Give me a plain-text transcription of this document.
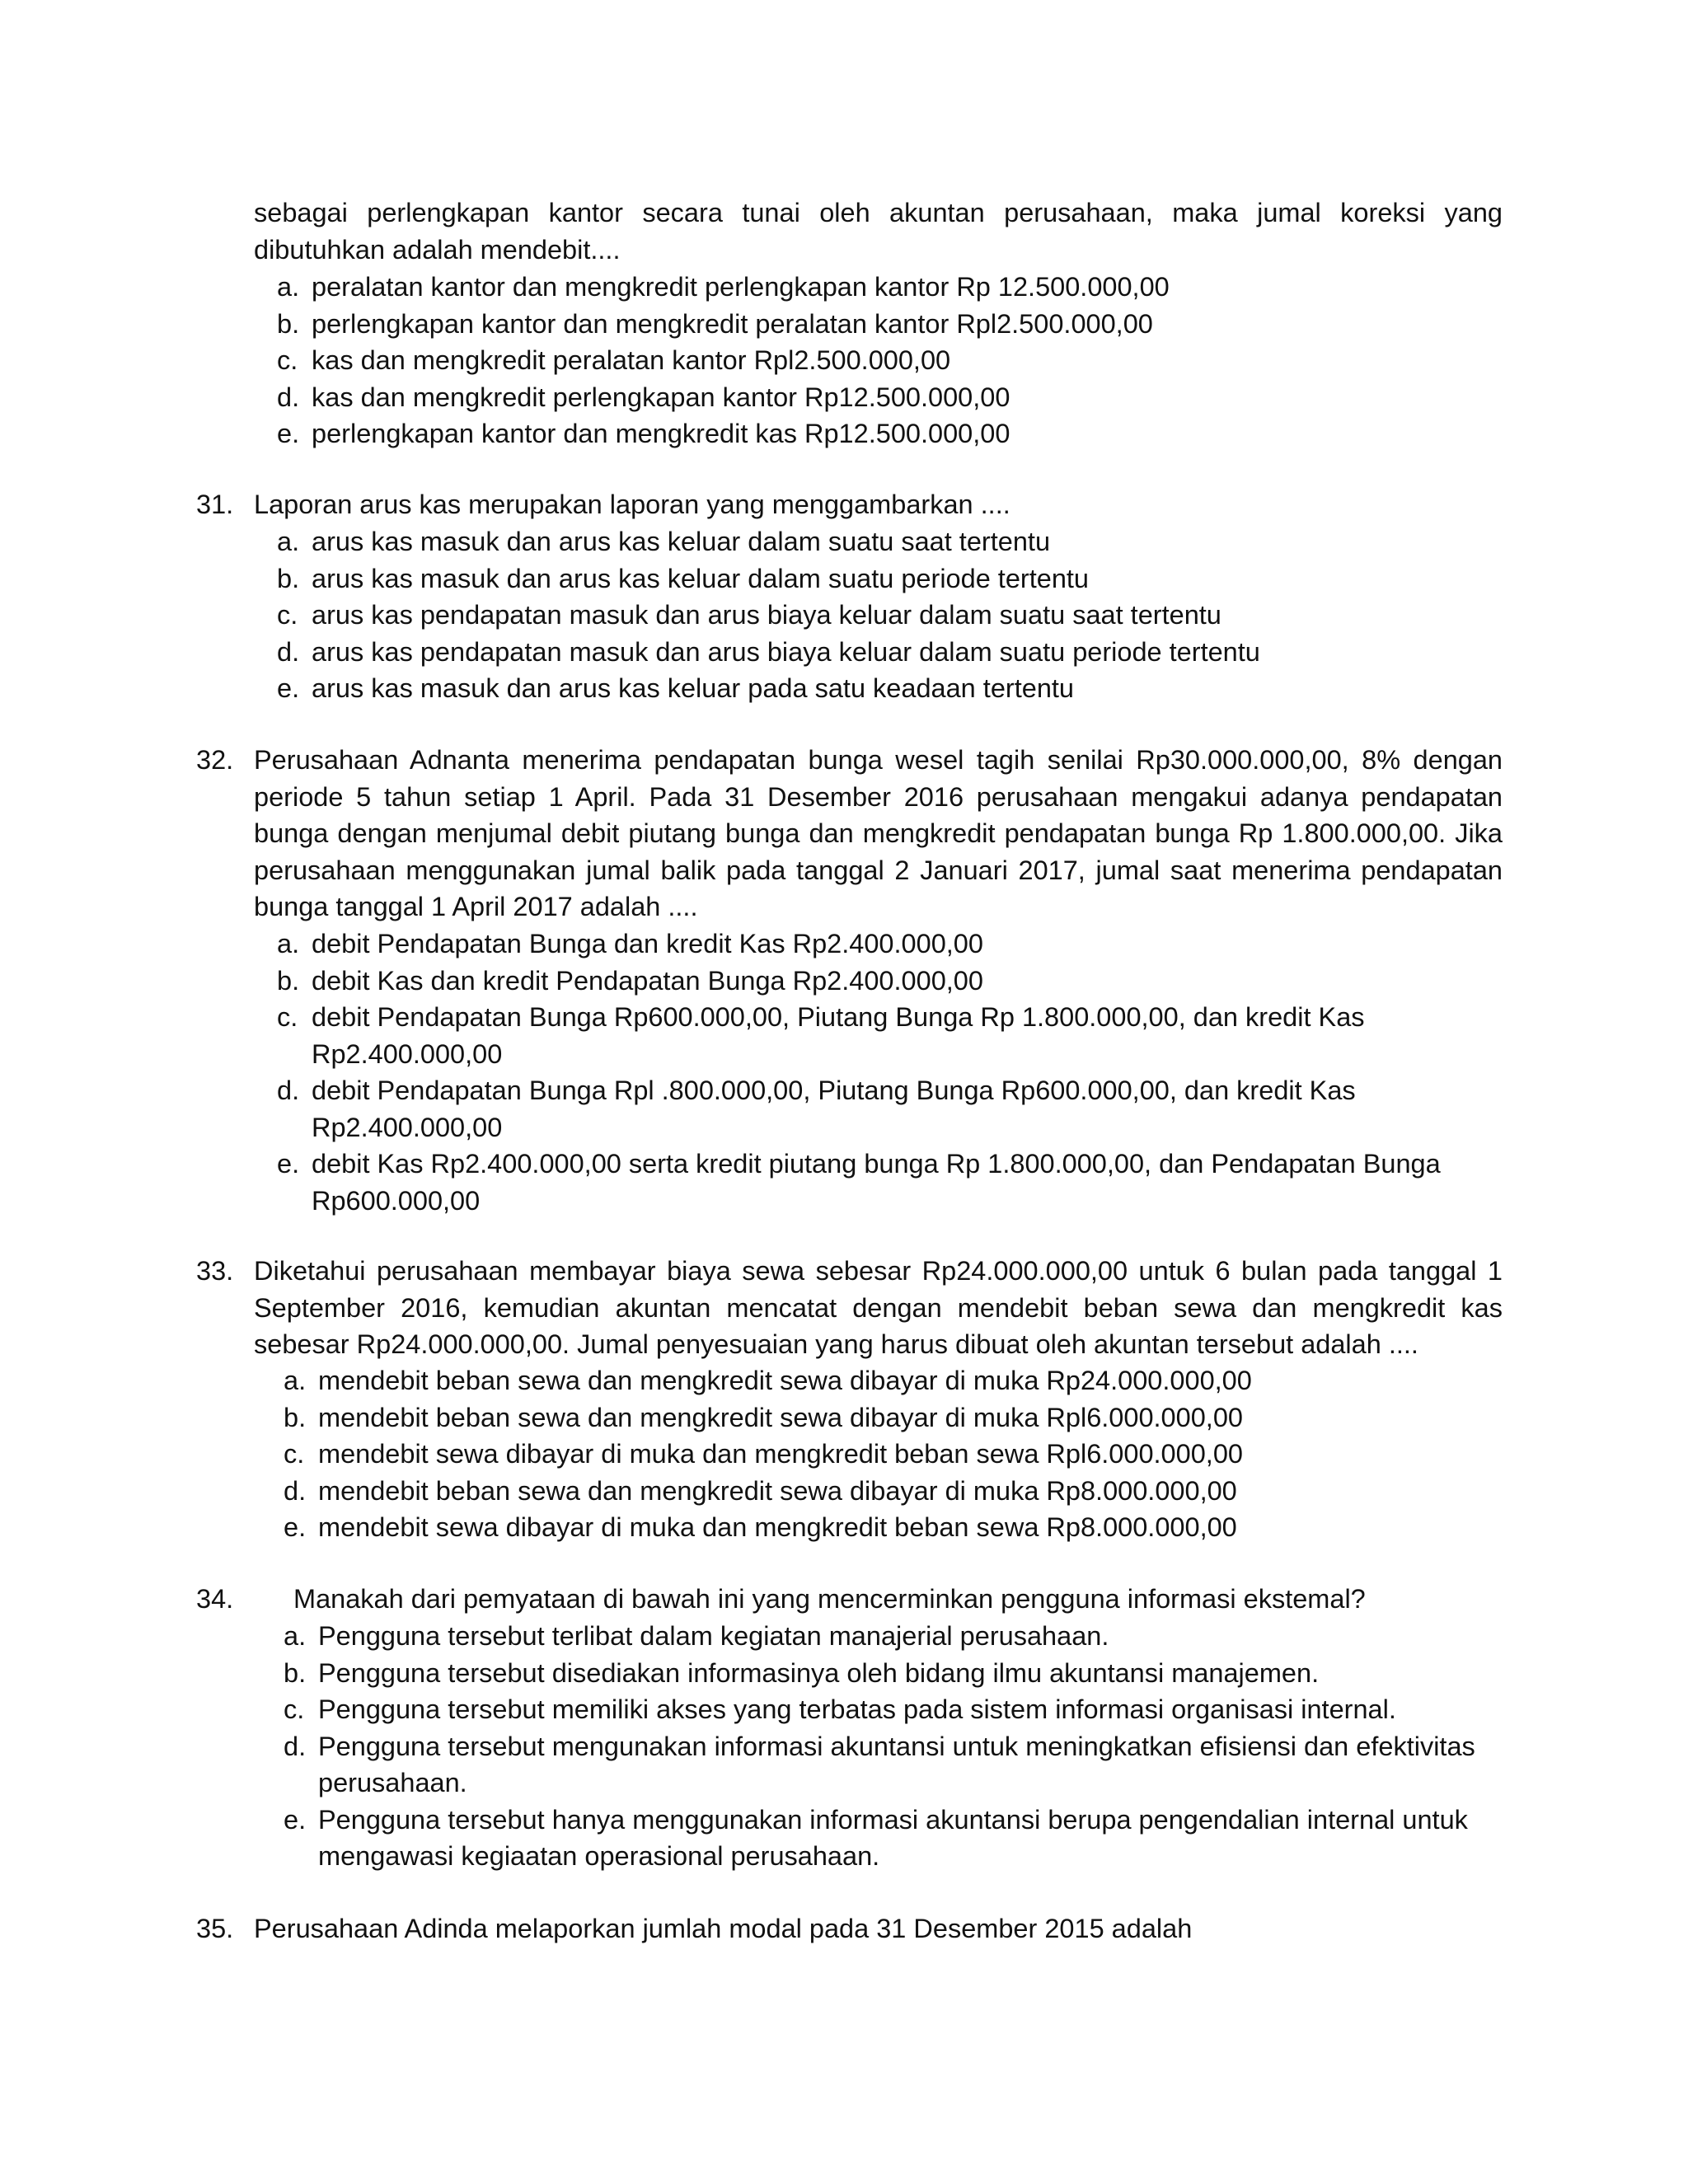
sebagai perlengkapan kantor secara tunai oleh akuntan perusahaan, maka jumal koreksi yang dibutuhkan adalah mendebit....

a. peralatan kantor dan mengkredit perlengkapan kantor Rp 12.500.000,00
b. perlengkapan kantor dan mengkredit peralatan kantor Rpl2.500.000,00
c. kas dan mengkredit peralatan kantor Rpl2.500.000,00
d. kas dan mengkredit perlengkapan kantor Rp12.500.000,00
e. perlengkapan kantor dan mengkredit kas Rp12.500.000,00
31. Laporan arus kas merupakan laporan yang menggambarkan ....

a. arus kas masuk dan arus kas keluar dalam suatu saat tertentu
b. arus kas masuk dan arus kas keluar dalam suatu periode tertentu
c. arus kas pendapatan masuk dan arus biaya keluar dalam suatu saat tertentu
d. arus kas pendapatan masuk dan arus biaya keluar dalam suatu periode tertentu
e. arus kas masuk dan arus kas keluar pada satu keadaan tertentu
32. Perusahaan Adnanta menerima pendapatan bunga wesel tagih senilai Rp30.000.000,00, 8% dengan periode 5 tahun setiap 1 April. Pada 31 Desember 2016 perusahaan mengakui adanya pendapatan bunga dengan menjumal debit piutang bunga dan mengkredit pendapatan bunga Rp 1.800.000,00. Jika perusahaan menggunakan jumal balik pada tanggal 2 Januari 2017, jumal saat menerima pendapatan bunga tanggal 1 April 2017 adalah ....

a. debit Pendapatan Bunga dan kredit Kas Rp2.400.000,00
b. debit Kas dan kredit Pendapatan Bunga Rp2.400.000,00
c. debit Pendapatan Bunga Rp600.000,00, Piutang Bunga Rp 1.800.000,00, dan kredit Kas Rp2.400.000,00
d. debit Pendapatan Bunga Rpl .800.000,00, Piutang Bunga Rp600.000,00, dan kredit Kas Rp2.400.000,00
e. debit Kas Rp2.400.000,00 serta kredit piutang bunga Rp 1.800.000,00, dan Pendapatan Bunga Rp600.000,00
33. Diketahui perusahaan membayar biaya sewa sebesar Rp24.000.000,00 untuk 6 bulan pada tanggal 1 September 2016, kemudian akuntan mencatat dengan mendebit beban sewa dan mengkredit kas sebesar Rp24.000.000,00. Jumal penyesuaian yang harus dibuat oleh akuntan tersebut adalah ....

a. mendebit beban sewa dan mengkredit sewa dibayar di muka Rp24.000.000,00
b. mendebit beban sewa dan mengkredit sewa dibayar di muka Rpl6.000.000,00
c. mendebit sewa dibayar di muka dan mengkredit beban sewa Rpl6.000.000,00
d. mendebit beban sewa dan mengkredit sewa dibayar di muka Rp8.000.000,00
e. mendebit sewa dibayar di muka dan mengkredit beban sewa Rp8.000.000,00
34. Manakah dari pemyataan di bawah ini yang mencerminkan pengguna informasi ekstemal?

a. Pengguna tersebut terlibat dalam kegiatan manajerial perusahaan.
b. Pengguna tersebut disediakan informasinya oleh bidang ilmu akuntansi manajemen.
c. Pengguna tersebut memiliki akses yang terbatas pada sistem informasi organisasi internal.
d. Pengguna tersebut mengunakan informasi akuntansi untuk meningkatkan efisiensi dan efektivitas perusahaan.
e. Pengguna tersebut hanya menggunakan informasi akuntansi berupa pengendalian internal untuk mengawasi kegiaatan operasional perusahaan.
35. Perusahaan Adinda melaporkan jumlah modal pada 31 Desember 2015 adalah
